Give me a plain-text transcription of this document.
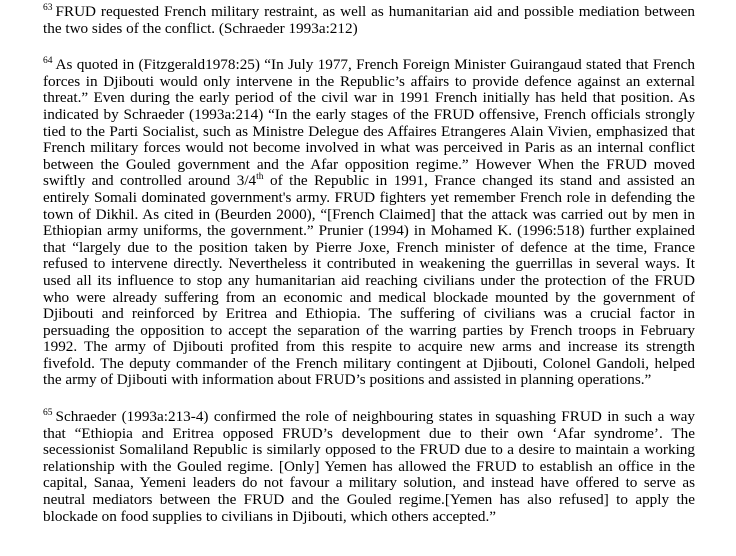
$^{63}$ FRUD requested French military restraint, as well as humanitarian aid and possible mediation between the two sides of the conflict. (Schraeder 1993a:212)

$^{64}$ As quoted in (Fitzgerald1978:25) “In July 1977, French Foreign Minister Guirangaud stated that French forces in Djibouti would only intervene in the Republic’s affairs to provide defence against an external threat.” Even during the early period of the civil war in 1991 French initially has held that position. As indicated by Schraeder (1993a:214) “In the early stages of the FRUD offensive, French officials strongly tied to the Parti Socialist, such as Ministre Delegue des Affaires Etrangeres Alain Vivien, emphasized that French military forces would not become involved in what was perceived in Paris as an internal conflict between the Gouled government and the Afar opposition regime.” However When the FRUD moved swiftly and controlled around 3/4th of the Republic in 1991, France changed its stand and assisted an entirely Somali dominated government's army. FRUD fighters yet remember French role in defending the town of Dikhil. As cited in (Beurden 2000), “[French Claimed] that the attack was carried out by men in Ethiopian army uniforms, the government.” Prunier (1994) in Mohamed K. (1996:518) further explained that “largely due to the position taken by Pierre Joxe, French minister of defence at the time, France refused to intervene directly. Nevertheless it contributed in weakening the guerrillas in several ways. It used all its influence to stop any humanitarian aid reaching civilians under the protection of the FRUD who were already suffering from an economic and medical blockade mounted by the government of Djibouti and reinforced by Eritrea and Ethiopia. The suffering of civilians was a crucial factor in persuading the opposition to accept the separation of the warring parties by French troops in February 1992. The army of Djibouti profited from this respite to acquire new arms and increase its strength fivefold. The deputy commander of the French military contingent at Djibouti, Colonel Gandoli, helped the army of Djibouti with information about FRUD’s positions and assisted in planning operations.”

$^{65}$ Schraeder (1993a:213-4) confirmed the role of neighbouring states in squashing FRUD in such a way that “Ethiopia and Eritrea opposed FRUD’s development due to their own ‘Afar syndrome’. The secessionist Somaliland Republic is similarly opposed to the FRUD due to a desire to maintain a working relationship with the Gouled regime. [Only] Yemen has allowed the FRUD to establish an office in the capital, Sanaa, Yemeni leaders do not favour a military solution, and instead have offered to serve as neutral mediators between the FRUD and the Gouled regime.[Yemen has also refused] to apply the blockade on food supplies to civilians in Djibouti, which others accepted.”
